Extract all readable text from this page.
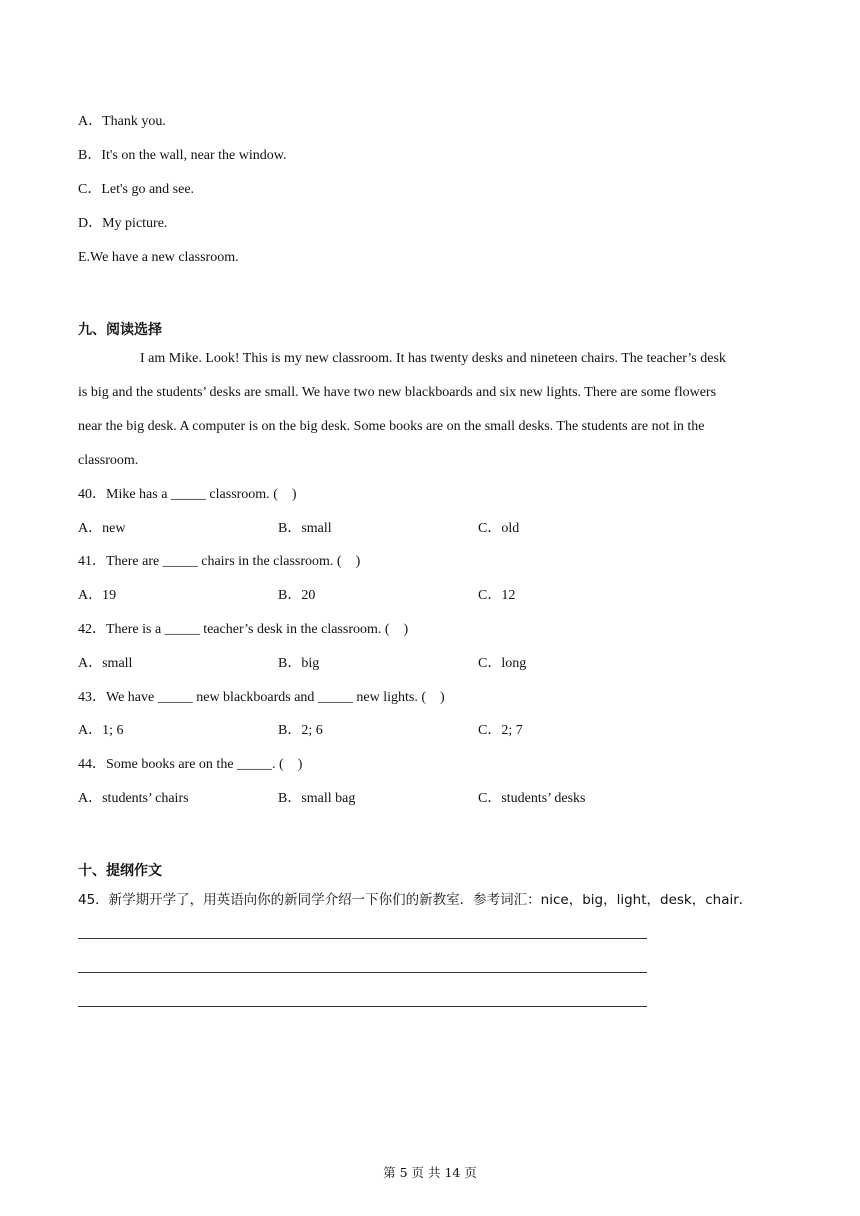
A．Thank you.
B．It's on the wall, near the window.
C．Let's go and see.
D．My picture.
E.We have a new classroom.
九、阅读选择
I am Mike. Look! This is my new classroom. It has twenty desks and nineteen chairs. The teacher’s desk
is big and the students’ desks are small. We have two new blackboards and six new lights. There are some flowers
near the big desk. A computer is on the big desk. Some books are on the small desks. The students are not in the
classroom.
40．Mike has a _____ classroom. (　)
A．new	B．small	C．old
41．There are _____ chairs in the classroom. (　)
A．19	B．20	C．12
42．There is a _____ teacher’s desk in the classroom. (　)
A．small	B．big	C．long
43．We have _____ new blackboards and _____ new lights. (　)
A．1; 6	B．2; 6	C．2; 7
44．Some books are on the _____. (　)
A．students’ chairs	B．small bag	C．students’ desks
十、提纲作文
45．新学期开学了，用英语向你的新同学介绍一下你们的新教室．参考词汇：nice，big，light，desk，chair．
第 5 页 共 14 页
